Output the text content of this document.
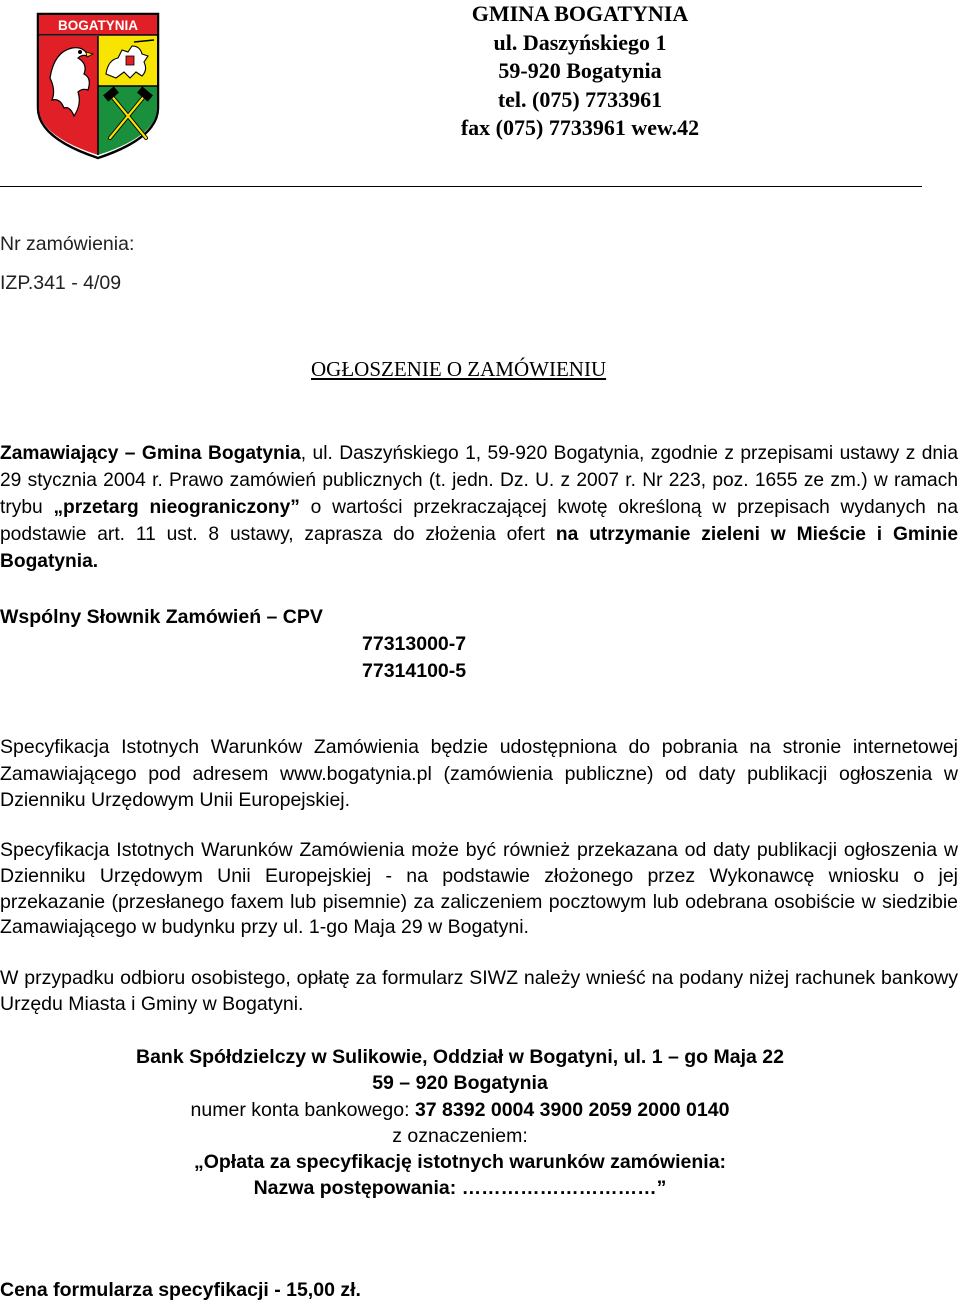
BOGATYNIA	GMINA BOGATYNIA
ul. Daszyńskiego 1
59-920 Bogatynia
tel. (075) 7733961
fax (075) 7733961 wew.42
Nr zamówienia:
IZP.341 - 4/09
OGŁOSZENIE O ZAMÓWIENIU
Zamawiający – Gmina Bogatynia, ul. Daszyńskiego 1, 59-920 Bogatynia, zgodnie z przepisami ustawy z dnia 29 stycznia 2004 r. Prawo zamówień publicznych (t. jedn. Dz. U. z 2007 r. Nr 223, poz. 1655 ze zm.) w ramach trybu „przetarg nieograniczony” o wartości przekraczającej kwotę określoną w przepisach wydanych na podstawie art. 11 ust. 8 ustawy, zaprasza do złożenia ofert na utrzymanie zieleni w Mieście i Gminie Bogatynia.
Wspólny Słownik Zamówień – CPV
77313000-7
77314100-5
Specyfikacja Istotnych Warunków Zamówienia będzie udostępniona do pobrania na stronie internetowej Zamawiającego pod adresem www.bogatynia.pl (zamówienia publiczne) od daty publikacji ogłoszenia w Dzienniku Urzędowym Unii Europejskiej.
Specyfikacja Istotnych Warunków Zamówienia może być również przekazana od daty publikacji ogłoszenia w Dzienniku Urzędowym Unii Europejskiej - na podstawie złożonego przez Wykonawcę wniosku o jej przekazanie (przesłanego faxem lub pisemnie) za zaliczeniem pocztowym lub odebrana osobiście w siedzibie Zamawiającego w budynku przy ul. 1-go Maja 29 w Bogatyni.
W przypadku odbioru osobistego, opłatę za formularz SIWZ należy wnieść na podany niżej rachunek bankowy Urzędu Miasta i Gminy w Bogatyni.
Bank Spółdzielczy w Sulikowie, Oddział w Bogatyni, ul. 1 – go Maja 22
59 – 920 Bogatynia
numer konta bankowego: 37 8392 0004 3900 2059 2000 0140
z oznaczeniem:
„Opłata za specyfikację istotnych warunków zamówienia:
Nazwa postępowania: …………………………”
Cena formularza specyfikacji - 15,00 zł.
